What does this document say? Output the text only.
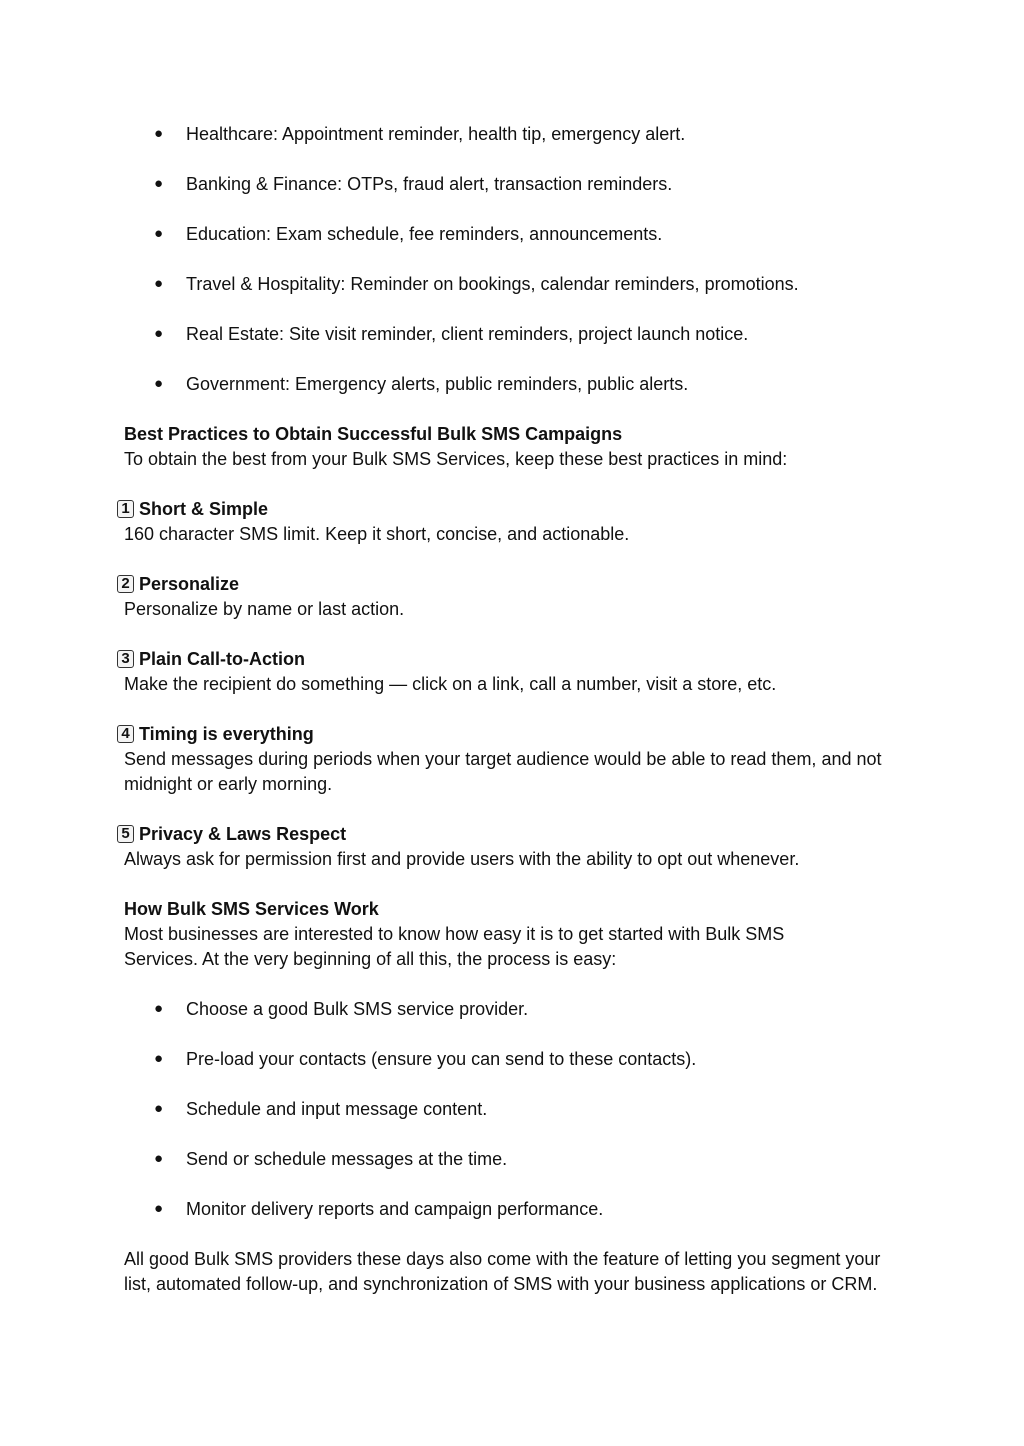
● Healthcare: Appointment reminder, health tip, emergency alert.
● Banking & Finance: OTPs, fraud alert, transaction reminders.
● Education: Exam schedule, fee reminders, announcements.
● Travel & Hospitality: Reminder on bookings, calendar reminders, promotions.
● Real Estate: Site visit reminder, client reminders, project launch notice.
● Government: Emergency alerts, public reminders, public alerts.

Best Practices to Obtain Successful Bulk SMS Campaigns

To obtain the best from your Bulk SMS Services, keep these best practices in mind:

1 Short & Simple

160 character SMS limit. Keep it short, concise, and actionable.

2 Personalize

Personalize by name or last action.

3 Plain Call-to-Action

Make the recipient do something — click on a link, call a number, visit a store, etc.

4 Timing is everything

Send messages during periods when your target audience would be able to read them, and not midnight or early morning.

5 Privacy & Laws Respect

Always ask for permission first and provide users with the ability to opt out whenever.

How Bulk SMS Services Work

Most businesses are interested to know how easy it is to get started with Bulk SMS Services. At the very beginning of all this, the process is easy:

● Choose a good Bulk SMS service provider.
● Pre-load your contacts (ensure you can send to these contacts).
● Schedule and input message content.
● Send or schedule messages at the time.
● Monitor delivery reports and campaign performance.

All good Bulk SMS providers these days also come with the feature of letting you segment your list, automated follow-up, and synchronization of SMS with your business applications or CRM.
